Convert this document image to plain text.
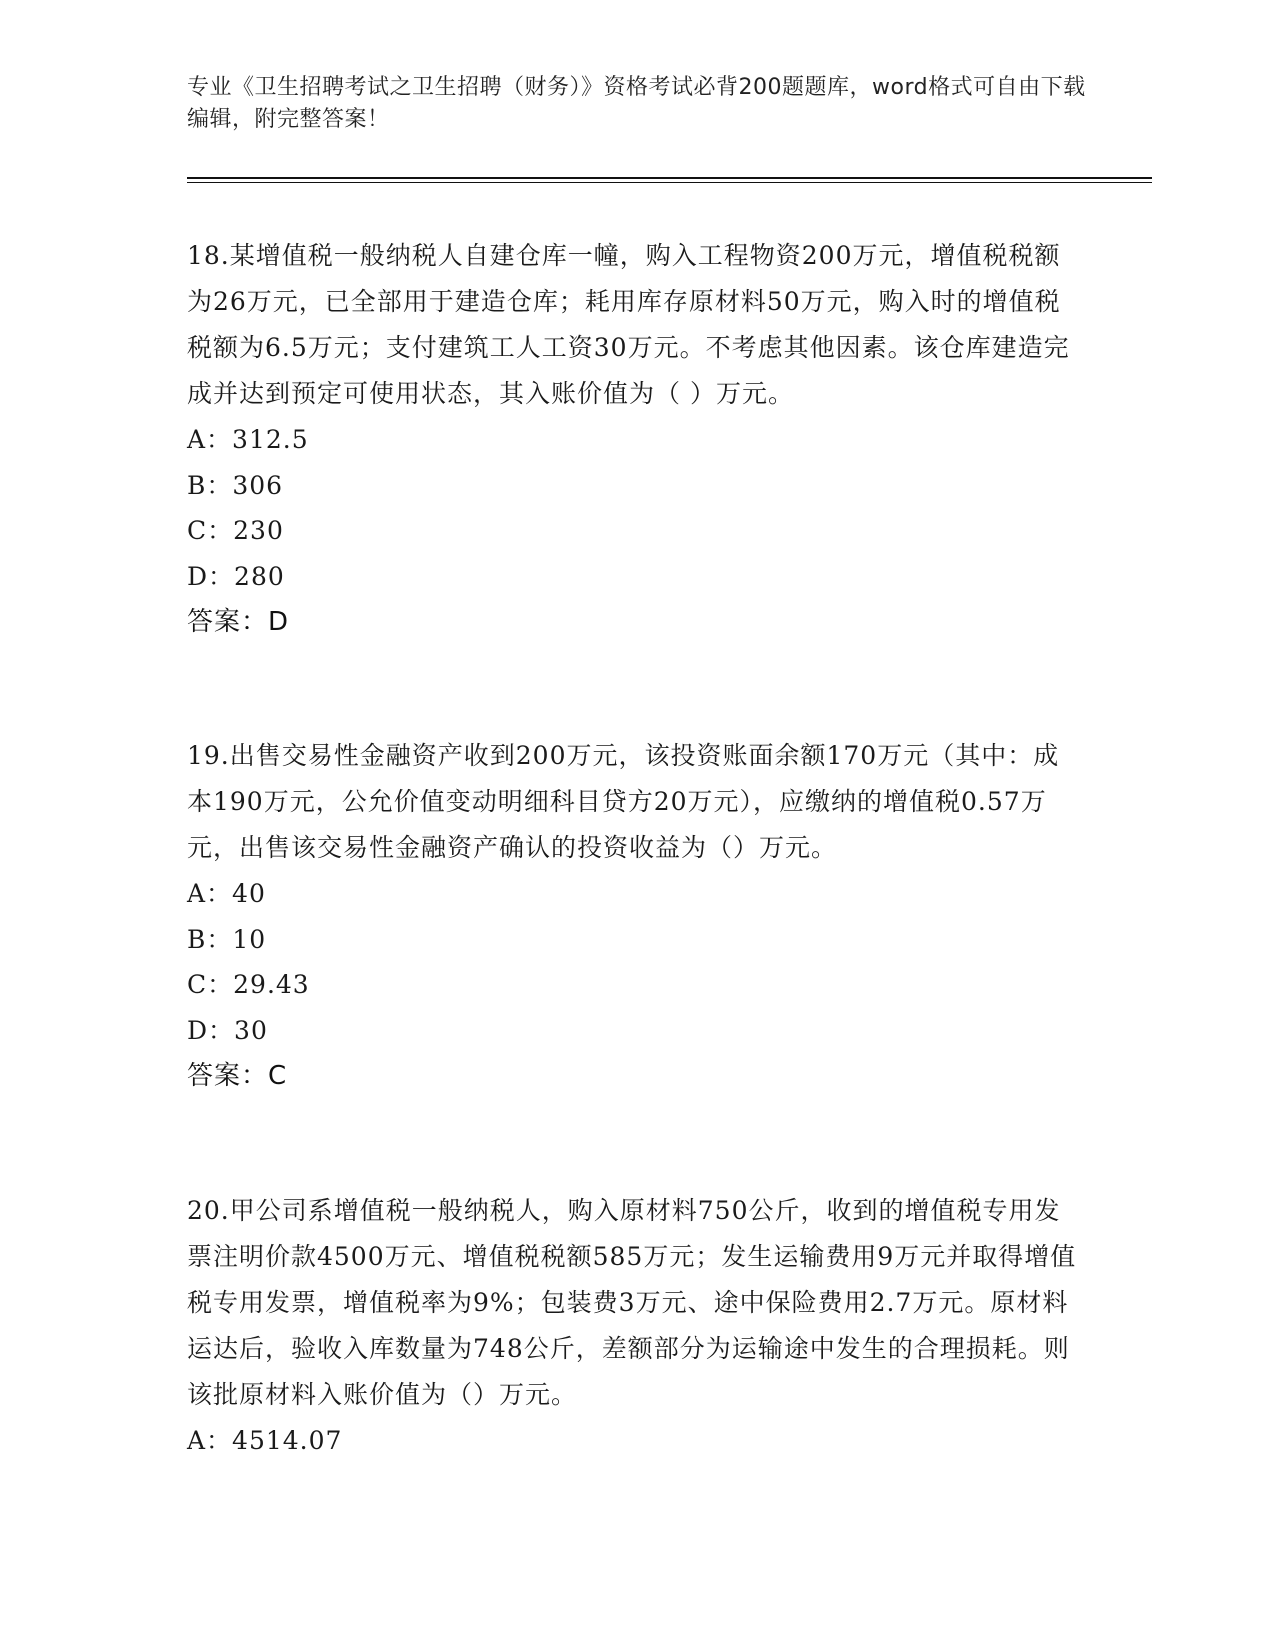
专业《卫生招聘考试之卫生招聘（财务）》资格考试必背200题题库，word格式可自由下载编辑，附完整答案！

18.某增值税一般纳税人自建仓库一幢，购入工程物资200万元，增值税税额为26万元，已全部用于建造仓库；耗用库存原材料50万元，购入时的增值税税额为6.5万元；支付建筑工人工资30万元。不考虑其他因素。该仓库建造完成并达到预定可使用状态，其入账价值为（ ）万元。

A：312.5

B：306

C：230

D：280

答案：D

19.出售交易性金融资产收到200万元，该投资账面余额170万元（其中：成本190万元，公允价值变动明细科目贷方20万元），应缴纳的增值税0.57万元，出售该交易性金融资产确认的投资收益为（）万元。

A：40

B：10

C：29.43

D：30

答案：C

20.甲公司系增值税一般纳税人，购入原材料750公斤，收到的增值税专用发票注明价款4500万元、增值税税额585万元；发生运输费用9万元并取得增值税专用发票，增值税率为9%；包装费3万元、途中保险费用2.7万元。原材料运达后，验收入库数量为748公斤，差额部分为运输途中发生的合理损耗。则该批原材料入账价值为（）万元。

A：4514.07
